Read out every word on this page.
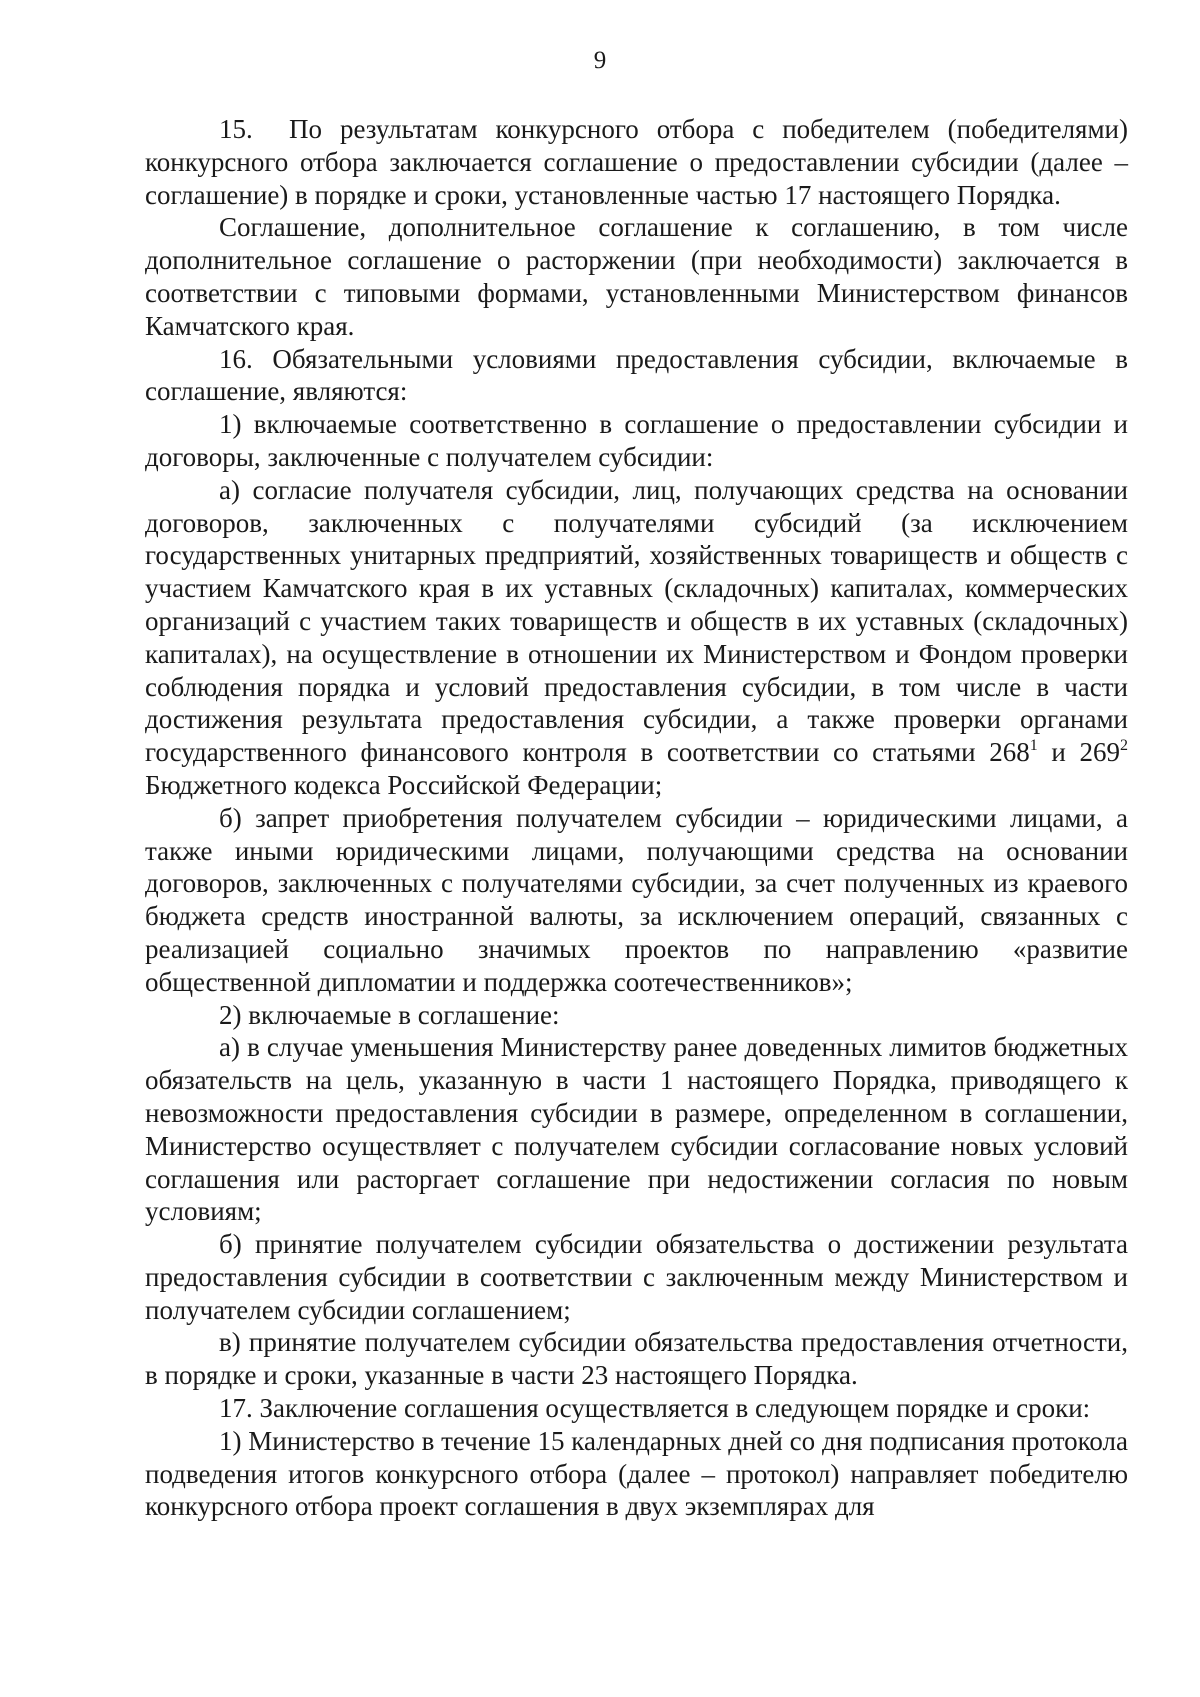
9

15. По результатам конкурсного отбора с победителем (победителями) конкурсного отбора заключается соглашение о предоставлении субсидии (далее – соглашение) в порядке и сроки, установленные частью 17 настоящего Порядка.

Соглашение, дополнительное соглашение к соглашению, в том числе дополнительное соглашение о расторжении (при необходимости) заключается в соответствии с типовыми формами, установленными Министерством финансов Камчатского края.

16. Обязательными условиями предоставления субсидии, включаемые в соглашение, являются:

1) включаемые соответственно в соглашение о предоставлении субсидии и договоры, заключенные с получателем субсидии:

а) согласие получателя субсидии, лиц, получающих средства на основании договоров, заключенных с получателями субсидий (за исключением государственных унитарных предприятий, хозяйственных товариществ и обществ с участием Камчатского края в их уставных (складочных) капиталах, коммерческих организаций с участием таких товариществ и обществ в их уставных (складочных) капиталах), на осуществление в отношении их Министерством и Фондом проверки соблюдения порядка и условий предоставления субсидии, в том числе в части достижения результата предоставления субсидии, а также проверки органами государственного финансового контроля в соответствии со статьями $268^1$ и $269^2$ Бюджетного кодекса Российской Федерации;

б) запрет приобретения получателем субсидии – юридическими лицами, а также иными юридическими лицами, получающими средства на основании договоров, заключенных с получателями субсидии, за счет полученных из краевого бюджета средств иностранной валюты, за исключением операций, связанных с реализацией социально значимых проектов по направлению «развитие общественной дипломатии и поддержка соотечественников»;

2) включаемые в соглашение:

а) в случае уменьшения Министерству ранее доведенных лимитов бюджетных обязательств на цель, указанную в части 1 настоящего Порядка, приводящего к невозможности предоставления субсидии в размере, определенном в соглашении, Министерство осуществляет с получателем субсидии согласование новых условий соглашения или расторгает соглашение при недостижении согласия по новым условиям;

б) принятие получателем субсидии обязательства о достижении результата предоставления субсидии в соответствии с заключенным между Министерством и получателем субсидии соглашением;

в) принятие получателем субсидии обязательства предоставления отчетности, в порядке и сроки, указанные в части 23 настоящего Порядка.

17. Заключение соглашения осуществляется в следующем порядке и сроки:

1) Министерство в течение 15 календарных дней со дня подписания протокола подведения итогов конкурсного отбора (далее – протокол) направляет победителю конкурсного отбора проект соглашения в двух экземплярах для
